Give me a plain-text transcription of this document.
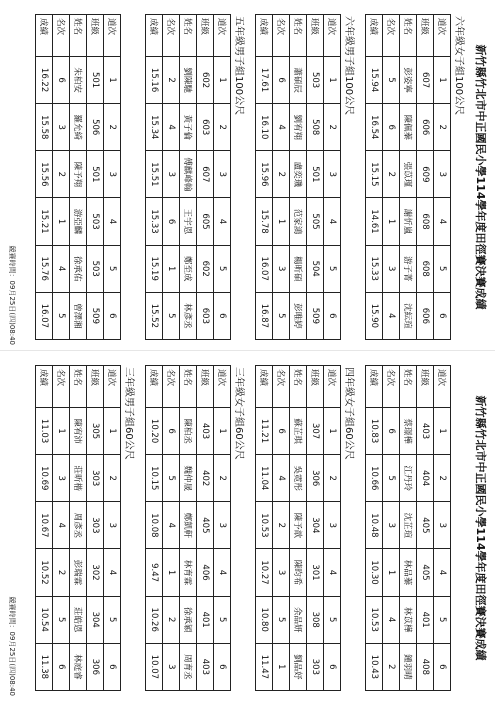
新竹縣竹北市中正國民小學114學年度田徑賽決賽成績
六年級女子組100公尺
道次	1	2	3	4	5	6
班級	607	606	609	608	608	606
姓名	彭姿寧	陳佩蓁	張苡瑾	謝忻嵐	游子菁	沈紜瑄
名次	5	6	2	1	3	4
成績	15.94	16.54	15.15	14.61	15.33	15.90
六年級男子組100公尺
道次	1	2	3	4	5	6
班級	503	508	501	505	504	509
姓名	蕭碩辰	劉宥翔	盧奕璣	范家鴻	楊昕碩	彭唯婷
名次	6	4	2	1	3	5
成績	17.61	16.10	15.96	15.78	16.07	16.87
五年級男子組100公尺
道次	1	2	3	4	5	6
班級	602	603	607	605	602	603
姓名	劉陳馳	黃子倫	傅麒峰翰	王宇恩	鄭至成	林彥丞
名次	2	4	3	6	1	5
成績	15.16	15.34	15.51	15.33	15.19	15.52
道次	1	2	3	4	5	6
班級	501	506	501	503	503	509
姓名	朱柏安	羅允綺	陳予翔	游亞麟	徐承佑	曾澤湘
名次	6	3	2	1	4	5
成績	16.22	15.58	15.56	15.21	15.76	16.07
競賽時間：09月25日(四)08:40
新竹縣竹北市中正國民小學114學年度田徑賽決賽成績
道次	1	2	3	4	5	6
班級	403	404	405	405	401	408
姓名	蔡璟樺	江丹玲	沈芷瑄	林品蓁	林苡樺	鍾羽晴
名次	6	5	3	1	4	2
成績	10.83	10.66	10.48	10.30	10.53	10.43
四年級女子組60公尺
道次	1	2	3	4	5	6
班級	307	306	304	301	308	303
姓名	蘇芷琪	吳霓彤	陳予歆	陳昀希	余品妍	劉品妤
名次	6	4	2	3	5	1
成績	11.21	11.04	10.53	10.27	10.80	11.47
三年級女子組60公尺
道次	1	2	3	4	5	6
班級	403	402	405	406	401	403
姓名	陳柏丞	魏仲晟	鄭凱軒	林育霖	徐承穎	周育丞
名次	6	5	4	1	2	3
成績	10.20	10.15	10.08	9.47	10.26	10.07
三年級男子組60公尺
道次	1	2	3	4	5	6
班級	305	303	303	302	304	306
姓名	陳宥沛	莊昕楷	周彥丞	彭瑞霖	莊皓恩	林庭睿
名次	1	3	4	2	5	6
成績	11.03	10.69	10.67	10.52	10.54	11.38
競賽時間：09月25日(四)08:40
